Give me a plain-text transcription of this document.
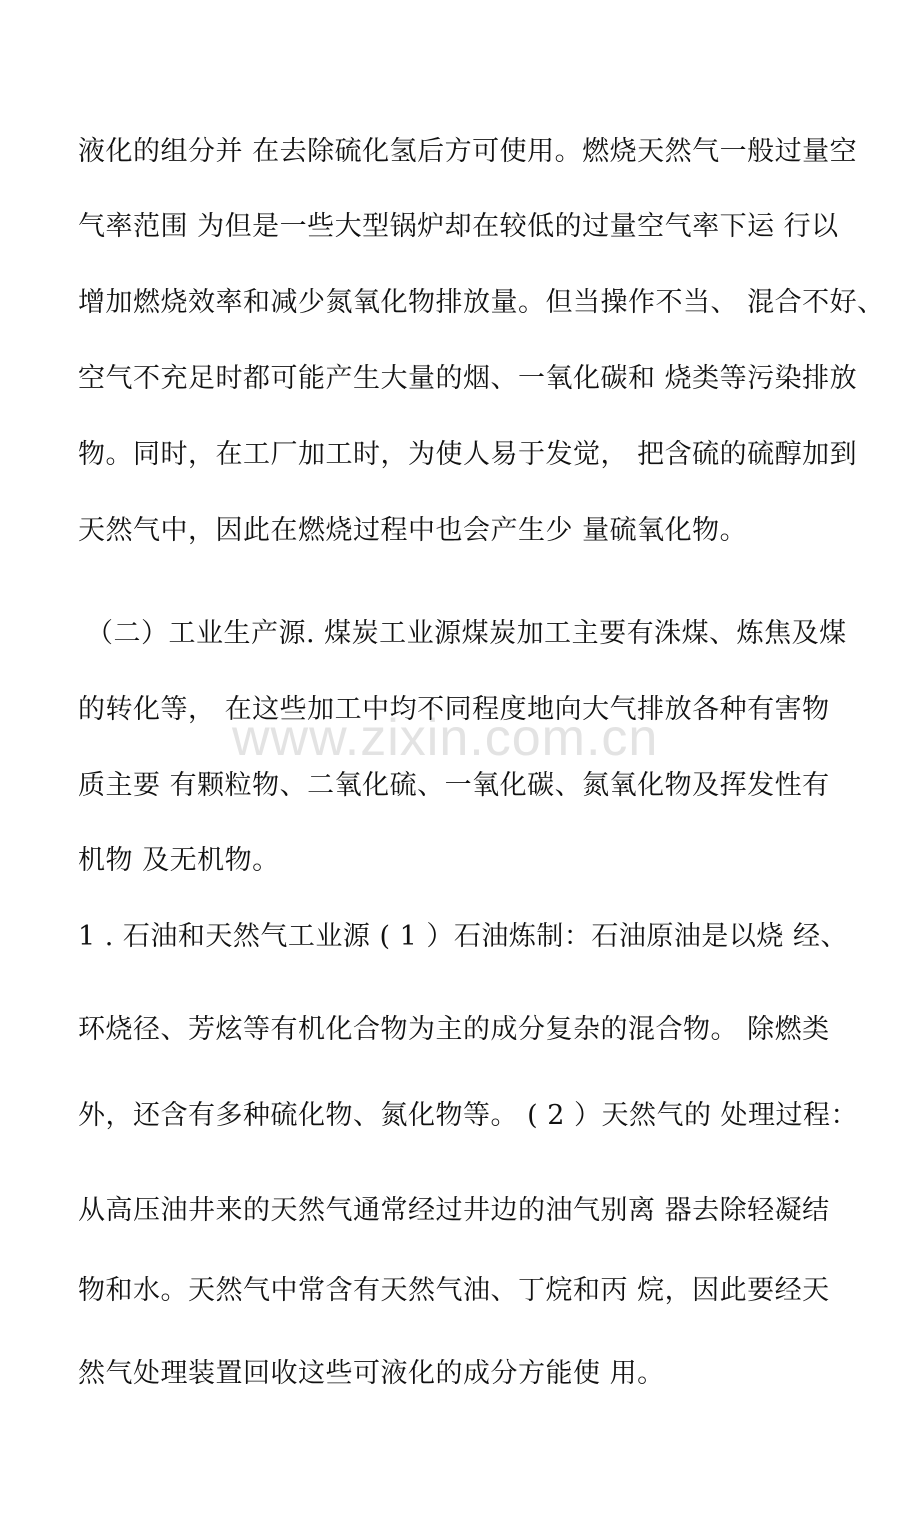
www.zixin.com.cn
液化的组分并 在去除硫化氢后方可使用。燃烧天然气一般过量空
气率范围 为但是一些大型锅炉却在较低的过量空气率下运 行以
增加燃烧效率和减少氮氧化物排放量。但当操作不当、 混合不好、
空气不充足时都可能产生大量的烟、一氧化碳和 烧类等污染排放
物。同时，在工厂加工时，为使人易于发觉， 把含硫的硫醇加到
天然气中，因此在燃烧过程中也会产生少 量硫氧化物。
（二）工业生产源. 煤炭工业源煤炭加工主要有洙煤、炼焦及煤
的转化等， 在这些加工中均不同程度地向大气排放各种有害物
质主要 有颗粒物、二氧化硫、一氧化碳、氮氧化物及挥发性有
机物 及无机物。
1 . 石油和天然气工业源 ( 1 ）石油炼制：石油原油是以烧 经、
环烧径、芳炫等有机化合物为主的成分复杂的混合物。 除燃类
外，还含有多种硫化物、氮化物等。 ( 2 ）天然气的 处理过程：
从高压油井来的天然气通常经过井边的油气别离 器去除轻凝结
物和水。天然气中常含有天然气油、丁烷和丙 烷，因此要经天
然气处理装置回收这些可液化的成分方能使 用。
